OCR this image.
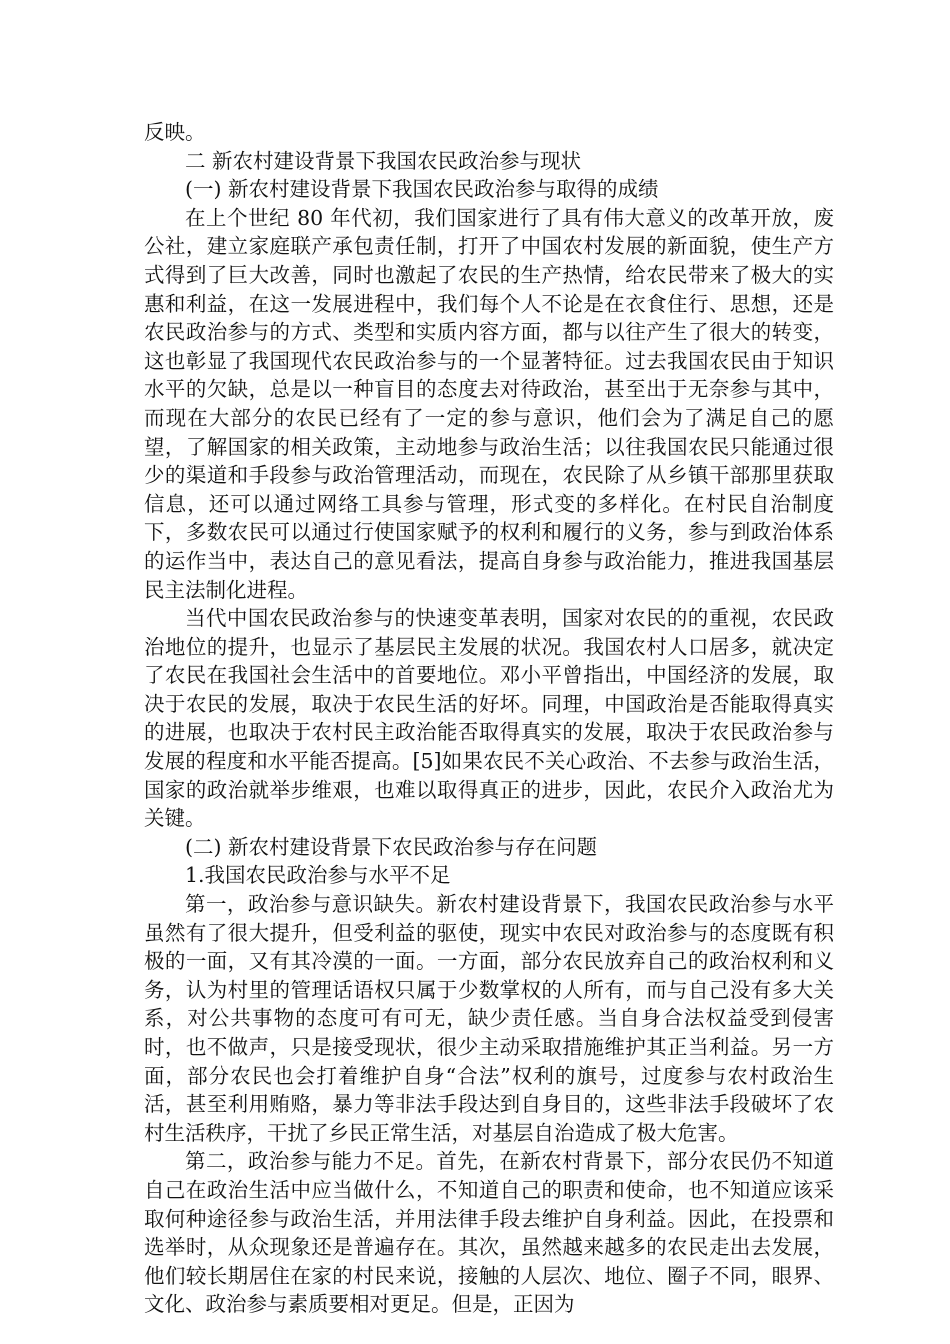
反映。

二 新农村建设背景下我国农民政治参与现状

(一) 新农村建设背景下我国农民政治参与取得的成绩

在上个世纪 80 年代初，我们国家进行了具有伟大意义的改革开放，废公社，建立家庭联产承包责任制，打开了中国农村发展的新面貌，使生产方式得到了巨大改善，同时也激起了农民的生产热情，给农民带来了极大的实惠和利益，在这一发展进程中，我们每个人不论是在衣食住行、思想，还是农民政治参与的方式、类型和实质内容方面，都与以往产生了很大的转变，这也彰显了我国现代农民政治参与的一个显著特征。过去我国农民由于知识水平的欠缺，总是以一种盲目的态度去对待政治，甚至出于无奈参与其中，而现在大部分的农民已经有了一定的参与意识，他们会为了满足自己的愿望，了解国家的相关政策，主动地参与政治生活；以往我国农民只能通过很少的渠道和手段参与政治管理活动，而现在，农民除了从乡镇干部那里获取信息，还可以通过网络工具参与管理，形式变的多样化。在村民自治制度下，多数农民可以通过行使国家赋予的权利和履行的义务，参与到政治体系的运作当中，表达自己的意见看法，提高自身参与政治能力，推进我国基层民主法制化进程。

当代中国农民政治参与的快速变革表明，国家对农民的的重视，农民政治地位的提升，也显示了基层民主发展的状况。我国农村人口居多，就决定了农民在我国社会生活中的首要地位。邓小平曾指出，中国经济的发展，取决于农民的发展，取决于农民生活的好坏。同理，中国政治是否能取得真实的进展，也取决于农村民主政治能否取得真实的发展，取决于农民政治参与发展的程度和水平能否提高。[5]如果农民不关心政治、不去参与政治生活，国家的政治就举步维艰，也难以取得真正的进步，因此，农民介入政治尤为关键。

(二) 新农村建设背景下农民政治参与存在问题

1.我国农民政治参与水平不足

第一，政治参与意识缺失。新农村建设背景下，我国农民政治参与水平虽然有了很大提升，但受利益的驱使，现实中农民对政治参与的态度既有积极的一面，又有其冷漠的一面。一方面，部分农民放弃自己的政治权利和义务，认为村里的管理话语权只属于少数掌权的人所有，而与自己没有多大关系，对公共事物的态度可有可无，缺少责任感。当自身合法权益受到侵害时，也不做声，只是接受现状，很少主动采取措施维护其正当利益。另一方面，部分农民也会打着维护自身“合法”权利的旗号，过度参与农村政治生活，甚至利用贿赂，暴力等非法手段达到自身目的，这些非法手段破坏了农村生活秩序，干扰了乡民正常生活，对基层自治造成了极大危害。

第二，政治参与能力不足。首先，在新农村背景下，部分农民仍不知道自己在政治生活中应当做什么，不知道自己的职责和使命，也不知道应该采取何种途径参与政治生活，并用法律手段去维护自身利益。因此，在投票和选举时，从众现象还是普遍存在。其次，虽然越来越多的农民走出去发展，他们较长期居住在家的村民来说，接触的人层次、地位、圈子不同，眼界、文化、政治参与素质要相对更足。但是，正因为
